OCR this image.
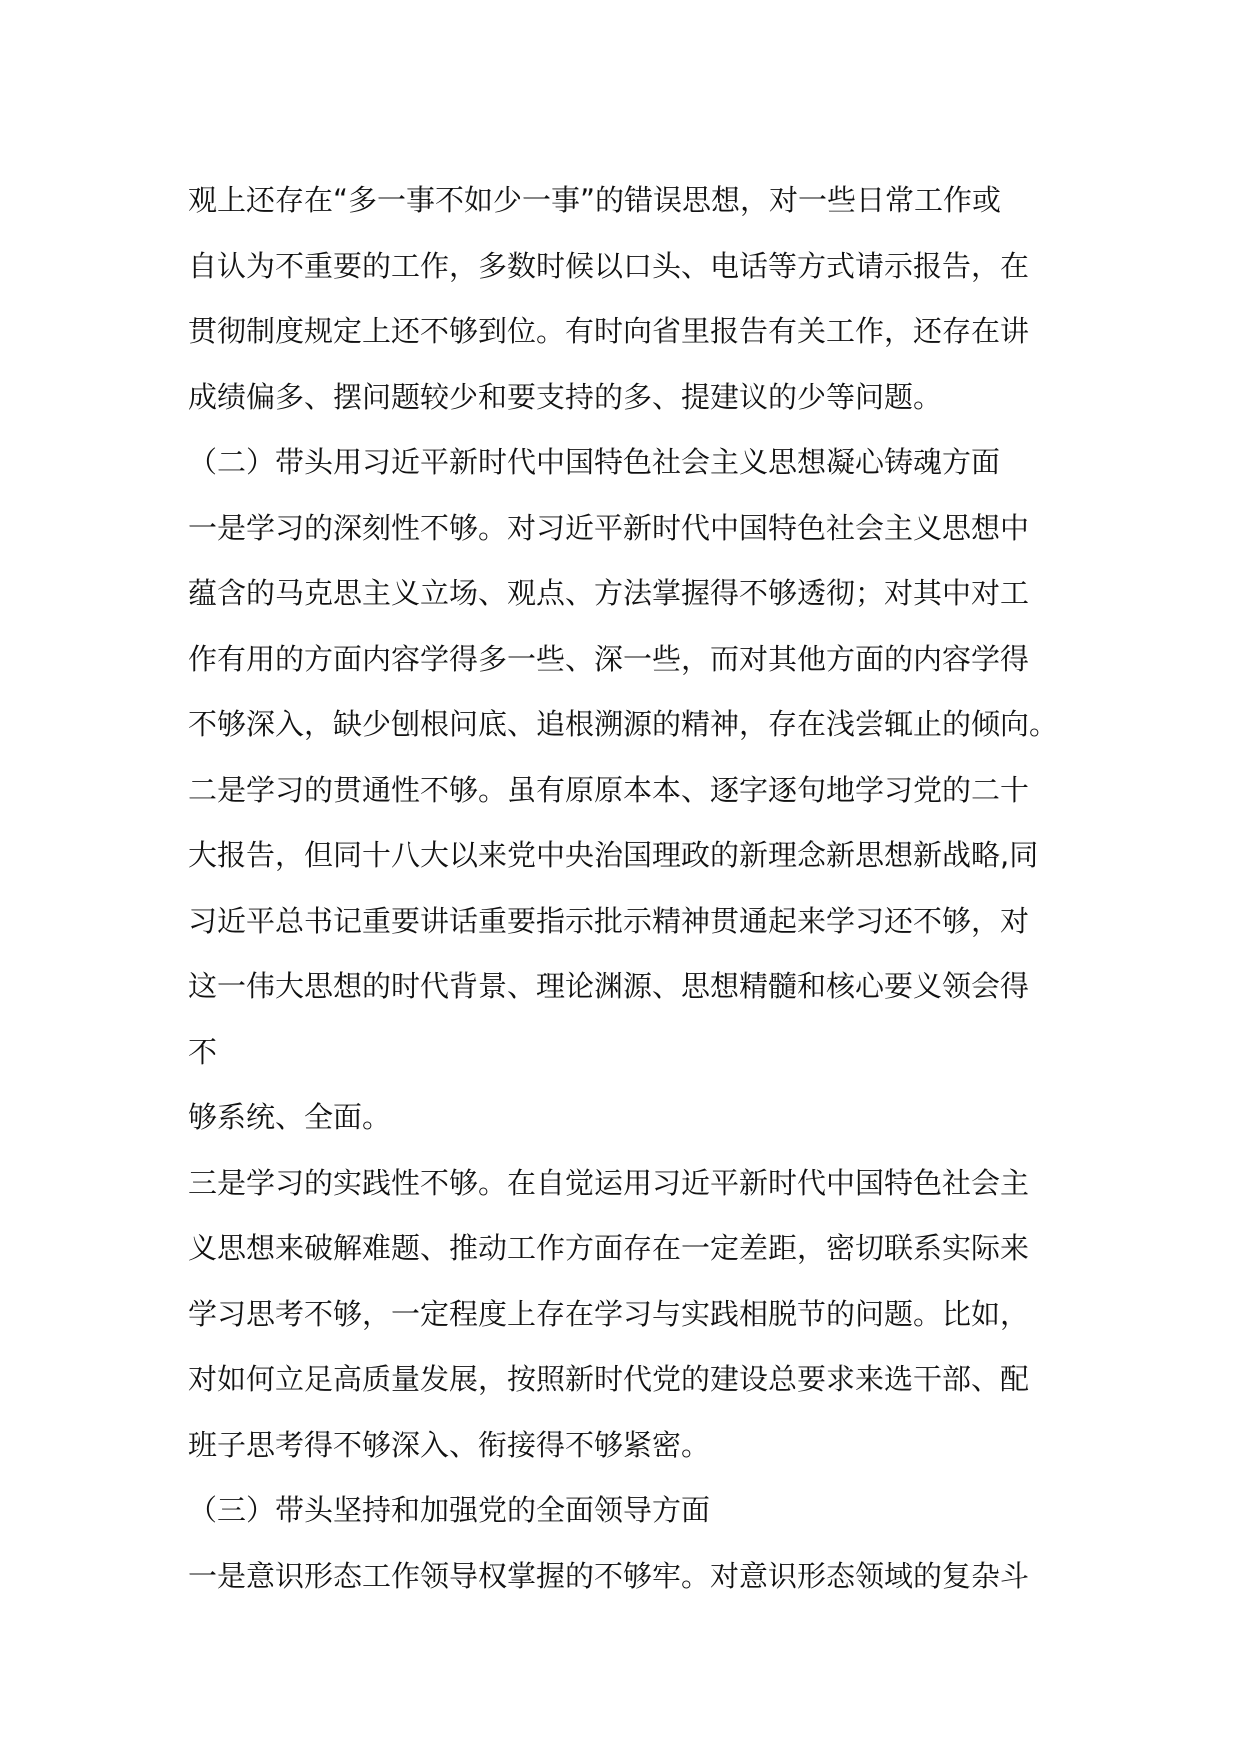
观上还存在“多一事不如少一事”的错误思想，对一些日常工作或
自认为不重要的工作，多数时候以口头、电话等方式请示报告，在
贯彻制度规定上还不够到位。有时向省里报告有关工作，还存在讲
成绩偏多、摆问题较少和要支持的多、提建议的少等问题。
（二）带头用习近平新时代中国特色社会主义思想凝心铸魂方面
一是学习的深刻性不够。对习近平新时代中国特色社会主义思想中
蕴含的马克思主义立场、观点、方法掌握得不够透彻；对其中对工
作有用的方面内容学得多一些、深一些，而对其他方面的内容学得
不够深入，缺少刨根问底、追根溯源的精神，存在浅尝辄止的倾向。
二是学习的贯通性不够。虽有原原本本、逐字逐句地学习党的二十
大报告，但同十八大以来党中央治国理政的新理念新思想新战略,同
习近平总书记重要讲话重要指示批示精神贯通起来学习还不够，对
这一伟大思想的时代背景、理论渊源、思想精髓和核心要义领会得
不
够系统、全面。
三是学习的实践性不够。在自觉运用习近平新时代中国特色社会主
义思想来破解难题、推动工作方面存在一定差距，密切联系实际来
学习思考不够，一定程度上存在学习与实践相脱节的问题。比如，
对如何立足高质量发展，按照新时代党的建设总要求来选干部、配
班子思考得不够深入、衔接得不够紧密。
（三）带头坚持和加强党的全面领导方面
一是意识形态工作领导权掌握的不够牢。对意识形态领域的复杂斗
